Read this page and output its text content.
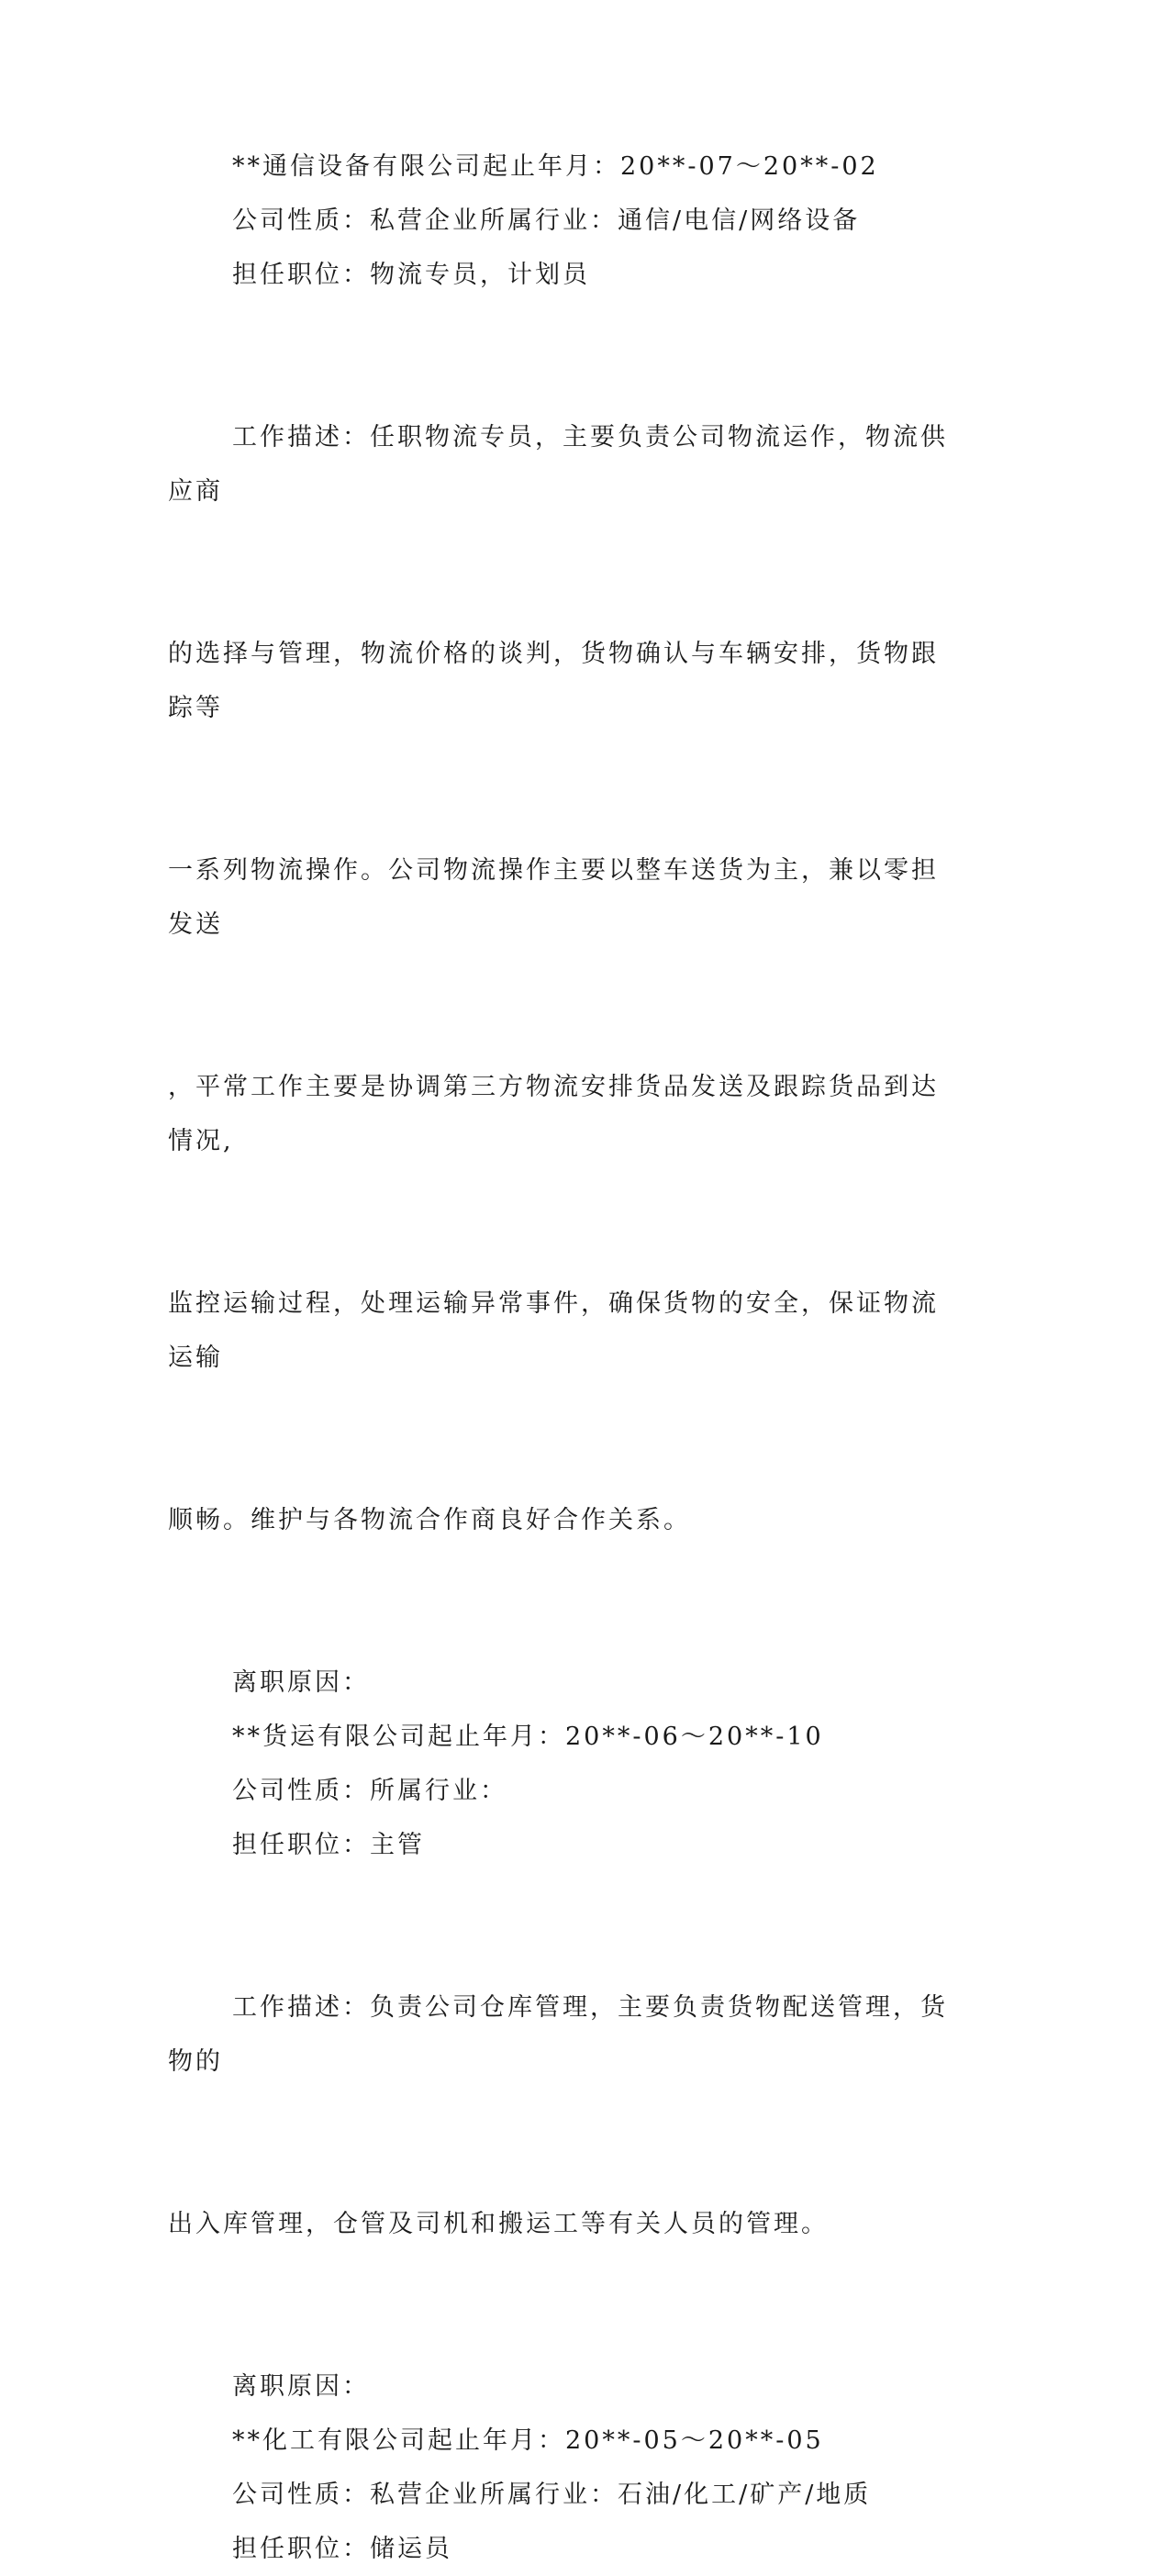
**通信设备有限公司起止年月：20**-07～20**-02

公司性质：私营企业所属行业：通信/电信/网络设备

担任职位：物流专员，计划员

工作描述：任职物流专员，主要负责公司物流运作，物流供应商

的选择与管理，物流价格的谈判，货物确认与车辆安排，货物跟踪等

一系列物流操作。公司物流操作主要以整车送货为主，兼以零担发送

，平常工作主要是协调第三方物流安排货品发送及跟踪货品到达情况,

监控运输过程，处理运输异常事件，确保货物的安全，保证物流运输

顺畅。维护与各物流合作商良好合作关系。

离职原因：

**货运有限公司起止年月：20**-06～20**-10

公司性质：所属行业：

担任职位：主管

工作描述：负责公司仓库管理，主要负责货物配送管理，货物的

出入库管理，仓管及司机和搬运工等有关人员的管理。

离职原因：

**化工有限公司起止年月：20**-05～20**-05

公司性质：私营企业所属行业：石油/化工/矿产/地质

担任职位：储运员
